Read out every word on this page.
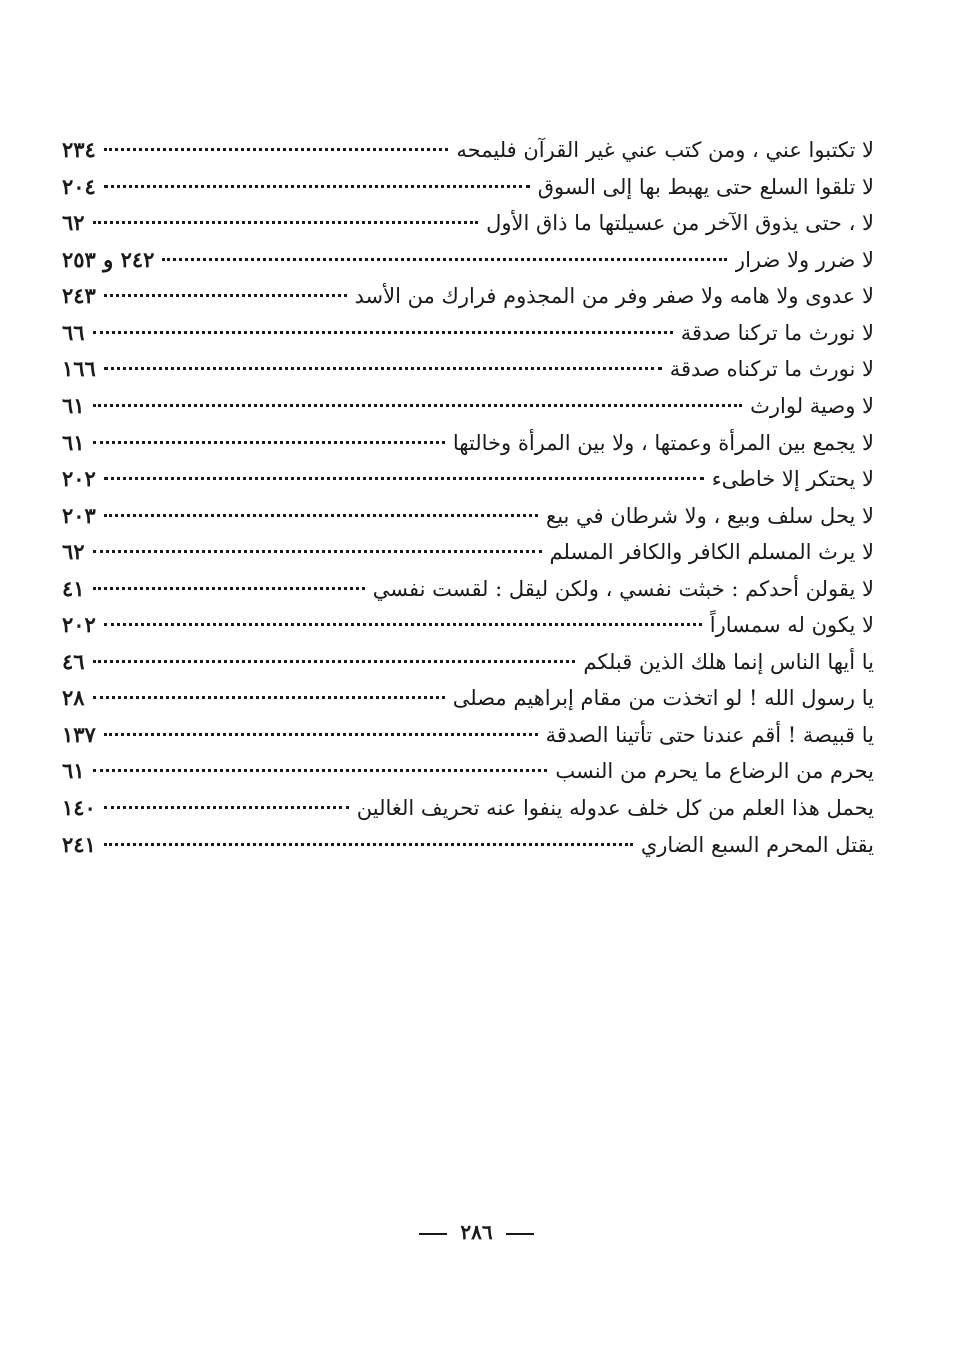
لا تكتبوا عني ، ومن كتب عني غير القرآن فليمحه
٢٣٤
لا تلقوا السلع حتى يهبط بها إلى السوق
٢٠٤
لا ، حتى يذوق الآخر من عسيلتها ما ذاق الأول
٦٢
لا ضرر ولا ضرار
٢٤٢ و ٢٥٣
لا عدوى ولا هامه ولا صفر وفر من المجذوم فرارك من الأسد
٢٤٣
لا نورث ما تركنا صدقة
٦٦
لا نورث ما تركناه صدقة
١٦٦
لا وصية لوارث
٦١
لا يجمع بين المرأة وعمتها ، ولا بين المرأة وخالتها
٦١
لا يحتكر إلا خاطىء
٢٠٢
لا يحل سلف وبيع ، ولا شرطان في بيع
٢٠٣
لا يرث المسلم الكافر والكافر المسلم
٦٢
لا يقولن أحدكم : خبثت نفسي ، ولكن ليقل : لقست نفسي
٤١
لا يكون له سمساراً
٢٠٢
يا أيها الناس إنما هلك الذين قبلكم
٤٦
يا رسول الله ! لو اتخذت من مقام إبراهيم مصلى
٢٨
يا قبيصة ! أقم عندنا حتى تأتينا الصدقة
١٣٧
يحرم من الرضاع ما يحرم من النسب
٦١
يحمل هذا العلم من كل خلف عدوله ينفوا عنه تحريف الغالين
١٤٠
يقتل المحرم السبع الضاري
٢٤١
٢٨٦
